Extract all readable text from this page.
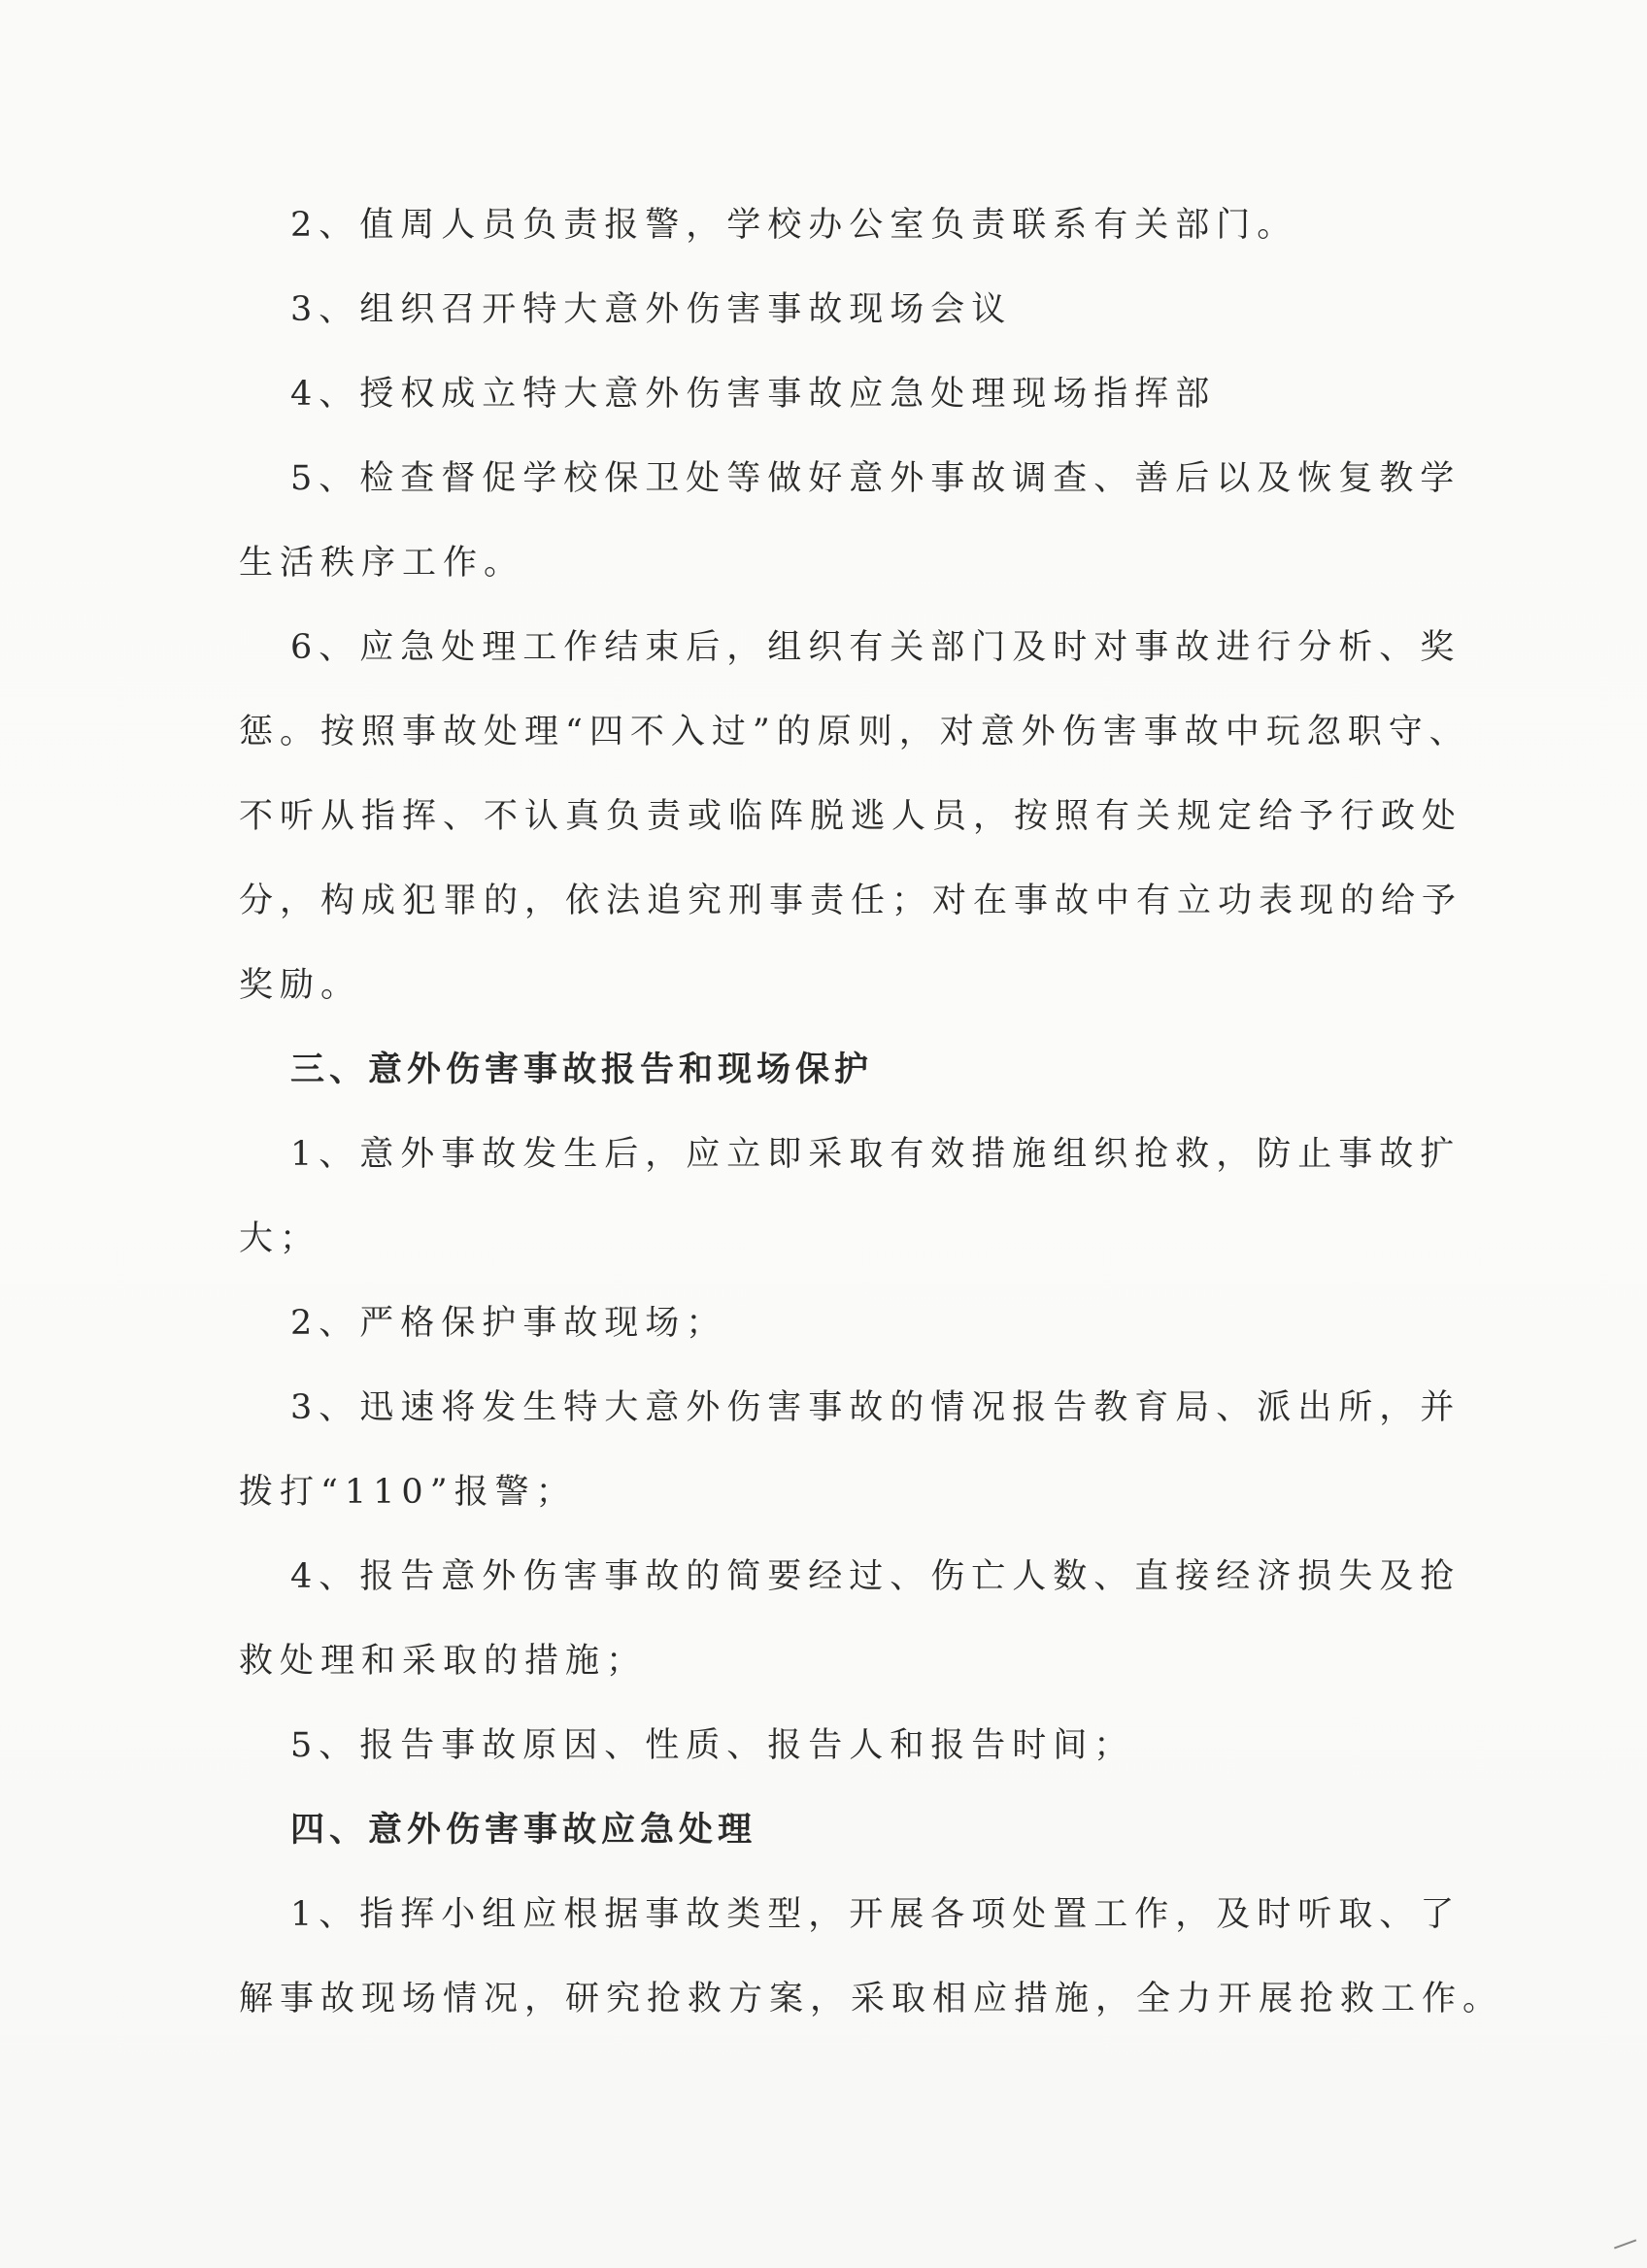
2、值周人员负责报警，学校办公室负责联系有关部门。
3、组织召开特大意外伤害事故现场会议
4、授权成立特大意外伤害事故应急处理现场指挥部
5、检查督促学校保卫处等做好意外事故调查、善后以及恢复教学
生活秩序工作。
6、应急处理工作结束后，组织有关部门及时对事故进行分析、奖
惩。按照事故处理“四不入过”的原则，对意外伤害事故中玩忽职守、
不听从指挥、不认真负责或临阵脱逃人员，按照有关规定给予行政处
分，构成犯罪的，依法追究刑事责任；对在事故中有立功表现的给予
奖励。
三、意外伤害事故报告和现场保护
1、意外事故发生后，应立即采取有效措施组织抢救，防止事故扩
大；
2、严格保护事故现场；
3、迅速将发生特大意外伤害事故的情况报告教育局、派出所，并
拨打“110”报警；
4、报告意外伤害事故的简要经过、伤亡人数、直接经济损失及抢
救处理和采取的措施；
5、报告事故原因、性质、报告人和报告时间；
四、意外伤害事故应急处理
1、指挥小组应根据事故类型，开展各项处置工作，及时听取、了
解事故现场情况，研究抢救方案，采取相应措施，全力开展抢救工作。
